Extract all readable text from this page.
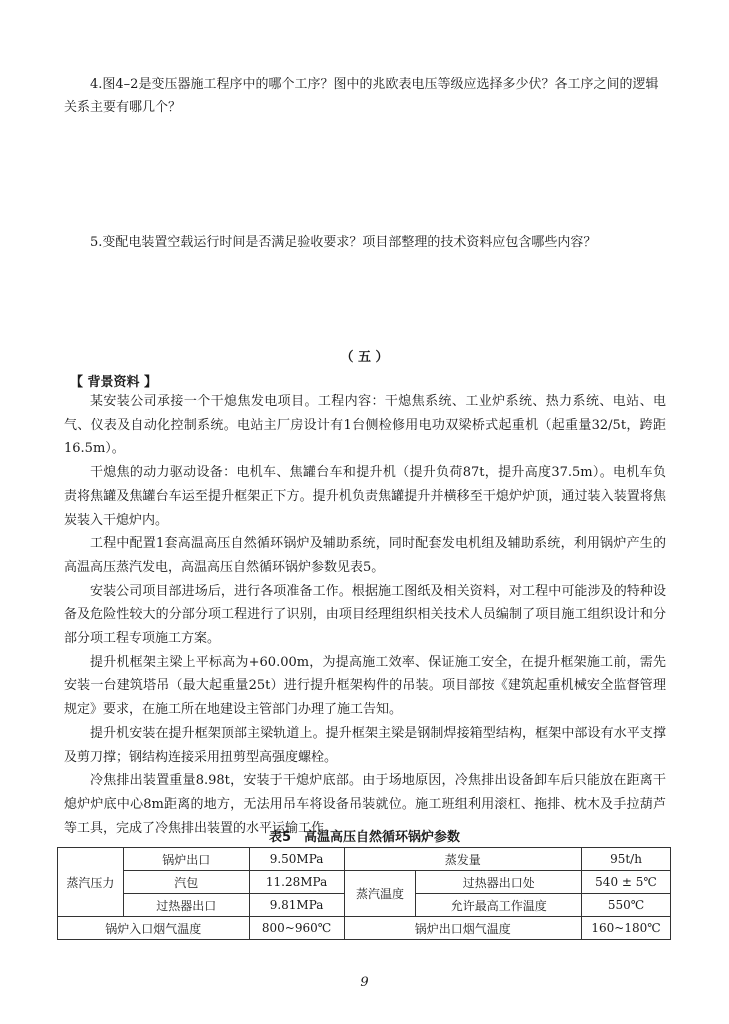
4.图4–2是变压器施工程序中的哪个工序？图中的兆欧表电压等级应选择多少伏？各工序之间的逻辑关系主要有哪几个？

5.变配电装置空载运行时间是否满足验收要求？项目部整理的技术资料应包含哪些内容？

（ 五 ）
【 背景资料 】

某安装公司承接一个干熄焦发电项目。工程内容：干熄焦系统、工业炉系统、热力系统、电站、电气、仪表及自动化控制系统。电站主厂房设计有1台侧检修用电功双梁桥式起重机（起重量32/5t，跨距16.5m）。

干熄焦的动力驱动设备：电机车、焦罐台车和提升机（提升负荷87t，提升高度37.5m）。电机车负责将焦罐及焦罐台车运至提升框架正下方。提升机负责焦罐提升并横移至干熄炉炉顶，通过装入装置将焦炭装入干熄炉内。

工程中配置1套高温高压自然循环锅炉及辅助系统，同时配套发电机组及辅助系统，利用锅炉产生的高温高压蒸汽发电，高温高压自然循环锅炉参数见表5。

安装公司项目部进场后，进行各项准备工作。根据施工图纸及相关资料，对工程中可能涉及的特种设备及危险性较大的分部分项工程进行了识别，由项目经理组织相关技术人员编制了项目施工组织设计和分部分项工程专项施工方案。

提升机框架主梁上平标高为+60.00m，为提高施工效率、保证施工安全，在提升框架施工前，需先安装一台建筑塔吊（最大起重量25t）进行提升框架构件的吊装。项目部按《建筑起重机械安全监督管理规定》要求，在施工所在地建设主管部门办理了施工告知。

提升机安装在提升框架顶部主梁轨道上。提升框架主梁是钢制焊接箱型结构，框架中部设有水平支撑及剪刀撑；钢结构连接采用扭剪型高强度螺栓。

冷焦排出装置重量8.98t，安装于干熄炉底部。由于场地原因，冷焦排出设备卸车后只能放在距离干熄炉炉底中心8m距离的地方，无法用吊车将设备吊装就位。施工班组利用滚杠、拖排、枕木及手拉葫芦等工具，完成了冷焦排出装置的水平运输工作。

表5　高温高压自然循环锅炉参数
蒸汽压力	锅炉出口	9.50MPa	蒸发量		95t/h
	汽包	11.28MPa	蒸汽温度	过热器出口处	540 ± 5℃
	过热器出口	9.81MPa		允许最高工作温度	550℃
锅炉入口烟气温度		800~960℃	锅炉出口烟气温度		160~180℃
9
